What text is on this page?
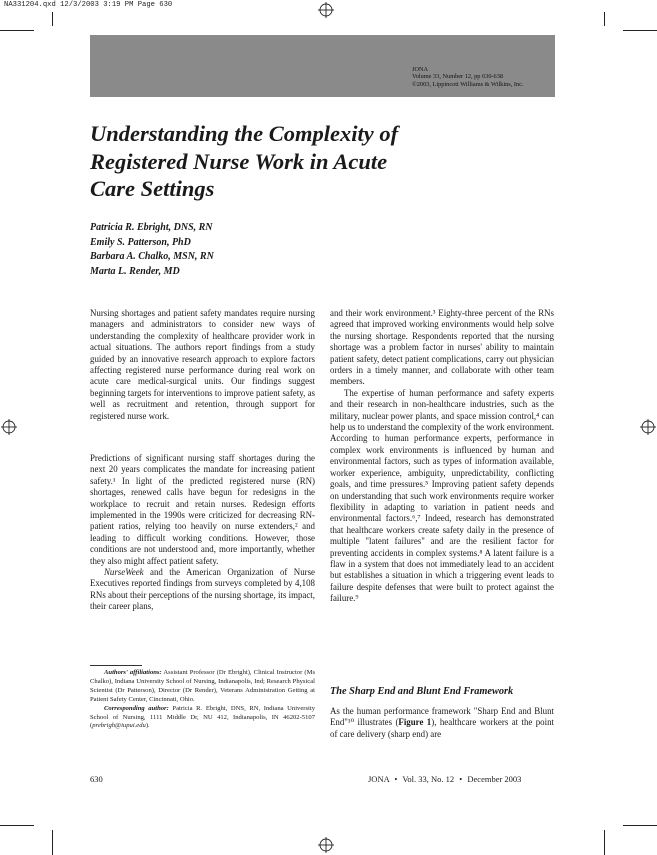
NA331204.qxd 12/3/2003 3:19 PM Page 630
JONA
Volume 33, Number 12, pp 630-638
©2003, Lippincott Williams & Wilkins, Inc.
Understanding the Complexity of
Registered Nurse Work in Acute
Care Settings
Patricia R. Ebright, DNS, RN
Emily S. Patterson, PhD
Barbara A. Chalko, MSN, RN
Marta L. Render, MD

Nursing shortages and patient safety mandates require nursing managers and administrators to consider new ways of understanding the complexity of healthcare provider work in actual situations. The authors report findings from a study guided by an innovative research approach to explore factors affecting registered nurse performance during real work on acute care medical-surgical units. Our findings suggest beginning targets for interventions to improve patient safety, as well as recruitment and retention, through support for registered nurse work.

Predictions of significant nursing staff shortages during the next 20 years complicates the mandate for increasing patient safety.¹ In light of the predicted registered nurse (RN) shortages, renewed calls have begun for redesigns in the workplace to recruit and retain nurses. Redesign efforts implemented in the 1990s were criticized for decreasing RN-patient ratios, relying too heavily on nurse extenders,² and leading to difficult working conditions. However, those conditions are not understood and, more importantly, whether they also might affect patient safety.

NurseWeek and the American Organization of Nurse Executives reported findings from surveys completed by 4,108 RNs about their perceptions of the nursing shortage, its impact, their career plans,

Authors' affiliations: Assistant Professor (Dr Ebright), Clinical Instructor (Ms Chalko), Indiana University School of Nursing, Indianapolis, Ind; Research Physical Scientist (Dr Patterson), Director (Dr Render), Veterans Administration Getting at Patient Safety Center, Cincinnati, Ohio.

Corresponding author: Patricia R. Ebright, DNS, RN, Indiana University School of Nursing, 1111 Middle Dr, NU 412, Indianapolis, IN 46202-5107 (prebrigh@iupui.edu).

and their work environment.³ Eighty-three percent of the RNs agreed that improved working environments would help solve the nursing shortage. Respondents reported that the nursing shortage was a problem factor in nurses' ability to maintain patient safety, detect patient complications, carry out physician orders in a timely manner, and collaborate with other team members.

The expertise of human performance and safety experts and their research in non-healthcare industries, such as the military, nuclear power plants, and space mission control,⁴ can help us to understand the complexity of the work environment. According to human performance experts, performance in complex work environments is influenced by human and environmental factors, such as types of information available, worker experience, ambiguity, unpredictability, conflicting goals, and time pressures.⁵ Improving patient safety depends on understanding that such work environments require worker flexibility in adapting to variation in patient needs and environmental factors.⁶,⁷ Indeed, research has demonstrated that healthcare workers create safety daily in the presence of multiple "latent failures" and are the resilient factor for preventing accidents in complex systems.⁸ A latent failure is a flaw in a system that does not immediately lead to an accident but establishes a situation in which a triggering event leads to failure despite defenses that were built to protect against the failure.⁹

The Sharp End and Blunt End Framework
As the human performance framework "Sharp End and Blunt End"¹⁰ illustrates (Figure 1), healthcare workers at the point of care delivery (sharp end) are
630	JONA • Vol. 33, No. 12 • December 2003
